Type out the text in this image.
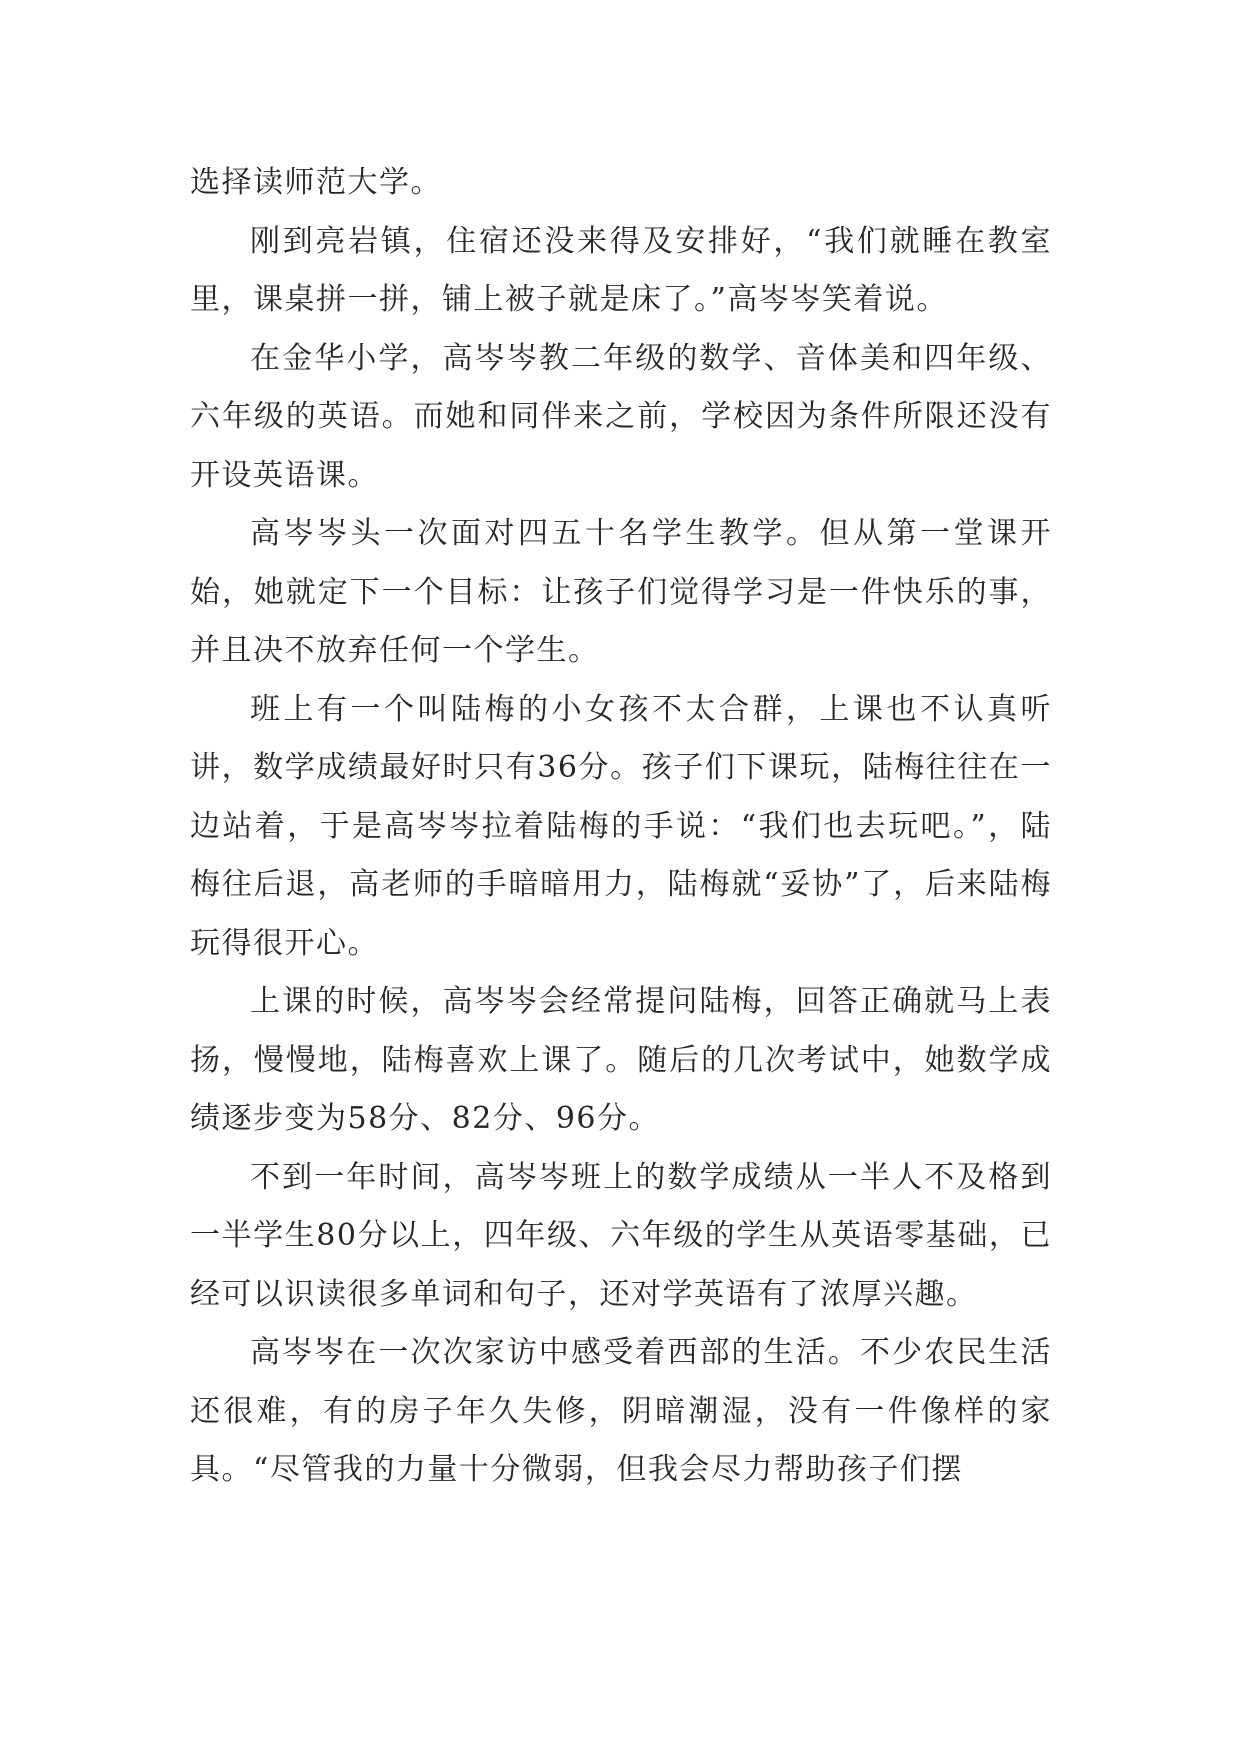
选择读师范大学。

刚到亮岩镇，住宿还没来得及安排好，“我们就睡在教室里，课桌拼一拼，铺上被子就是床了。”高岑岑笑着说。

在金华小学，高岑岑教二年级的数学、音体美和四年级、六年级的英语。而她和同伴来之前，学校因为条件所限还没有开设英语课。

高岑岑头一次面对四五十名学生教学。但从第一堂课开始，她就定下一个目标：让孩子们觉得学习是一件快乐的事，并且决不放弃任何一个学生。

班上有一个叫陆梅的小女孩不太合群，上课也不认真听讲，数学成绩最好时只有36分。孩子们下课玩，陆梅往往在一边站着，于是高岑岑拉着陆梅的手说：“我们也去玩吧。”，陆梅往后退，高老师的手暗暗用力，陆梅就“妥协”了，后来陆梅玩得很开心。

上课的时候，高岑岑会经常提问陆梅，回答正确就马上表扬，慢慢地，陆梅喜欢上课了。随后的几次考试中，她数学成绩逐步变为58分、82分、96分。

不到一年时间，高岑岑班上的数学成绩从一半人不及格到一半学生80分以上，四年级、六年级的学生从英语零基础，已经可以识读很多单词和句子，还对学英语有了浓厚兴趣。

高岑岑在一次次家访中感受着西部的生活。不少农民生活还很难，有的房子年久失修，阴暗潮湿，没有一件像样的家具。“尽管我的力量十分微弱，但我会尽力帮助孩子们摆
